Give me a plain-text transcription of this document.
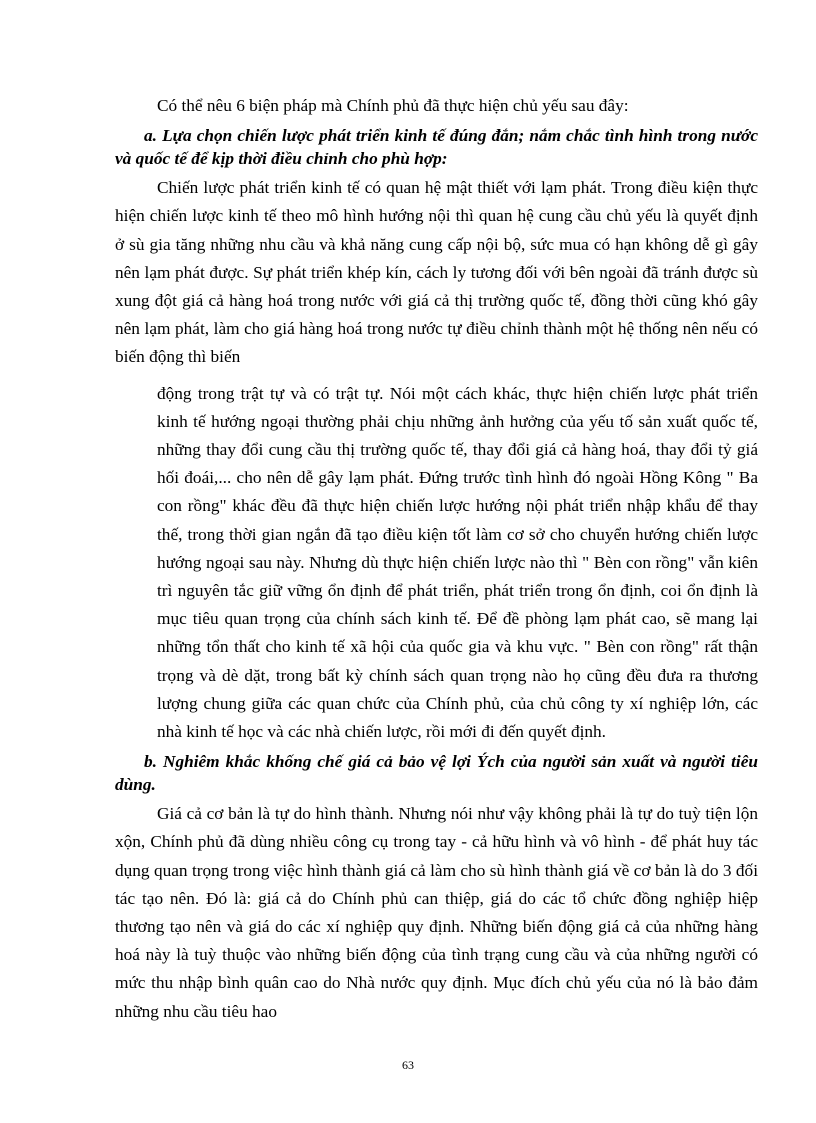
Có thể nêu 6 biện pháp mà Chính phủ đã thực hiện chủ yếu sau đây:

a. Lựa chọn chiến lược phát triển kinh tế đúng đắn; nắm chắc tình hình trong nước và quốc tế để kịp thời điều chỉnh cho phù hợp:

Chiến lược phát triển kinh tế có quan hệ mật thiết với lạm phát. Trong điều kiện thực hiện chiến lược kinh tế theo mô hình hướng nội thì quan hệ cung cầu chủ yếu là quyết định ở sù gia tăng những nhu cầu và khả năng cung cấp nội bộ, sức mua có hạn không dễ gì gây nên lạm phát được. Sự phát triển khép kín, cách ly tương đối với bên ngoài đã tránh được sù xung đột giá cả hàng hoá trong nước với giá cả thị trường quốc tế, đồng thời cũng khó gây nên lạm phát, làm cho giá hàng hoá trong nước tự điều chỉnh thành một hệ thống nên nếu có biến động thì biến

động trong trật tự và có trật tự. Nói một cách khác, thực hiện chiến lược phát triển kinh tế hướng ngoại thường phải chịu những ảnh hưởng của yếu tố sản xuất quốc tế, những thay đổi cung cầu thị trường quốc tế, thay đổi giá cả hàng hoá, thay đổi tỷ giá hối đoái,... cho nên dễ gây lạm phát. Đứng trước tình hình đó ngoài Hồng Kông " Ba con rồng" khác đều đã thực hiện chiến lược hướng nội phát triển nhập khẩu để thay thế, trong thời gian ngắn đã tạo điều kiện tốt làm cơ sở cho chuyển hướng chiến lược hướng ngoại sau này. Nhưng dù thực hiện chiến lược nào thì " Bèn con rồng" vẫn kiên trì nguyên tắc giữ vững ổn định để phát triển, phát triển trong ổn định, coi ổn định là mục tiêu quan trọng của chính sách kinh tế. Để đề phòng lạm phát cao, sẽ mang lại những tổn thất cho kinh tế xã hội của quốc gia và khu vực. " Bèn con rồng" rất thận trọng và dè dặt, trong bất kỳ chính sách quan trọng nào họ cũng đều đưa ra thương lượng chung giữa các quan chức của Chính phủ, của chủ công ty xí nghiệp lớn, các nhà kinh tế học và các nhà chiến lược, rồi mới đi đến quyết định.

b. Nghiêm khắc khống chế giá cả bảo vệ lợi Ých của người sản xuất và người tiêu dùng.

Giá cả cơ bản là tự do hình thành. Nhưng nói như vậy không phải là tự do tuỳ tiện lộn xộn, Chính phủ đã dùng nhiều công cụ trong tay - cả hữu hình và vô hình - để phát huy tác dụng quan trọng trong việc hình thành giá cả làm cho sù hình thành giá về cơ bản là do 3 đối tác tạo nên. Đó là: giá cả do Chính phủ can thiệp, giá do các tổ chức đồng nghiệp hiệp thương tạo nên và giá do các xí nghiệp quy định. Những biến động giá cả của những hàng hoá này là tuỳ thuộc vào những biến động của tình trạng cung cầu và của những người có mức thu nhập bình quân cao do Nhà nước quy định. Mục đích chủ yếu của nó là bảo đảm những nhu cầu tiêu hao

63
